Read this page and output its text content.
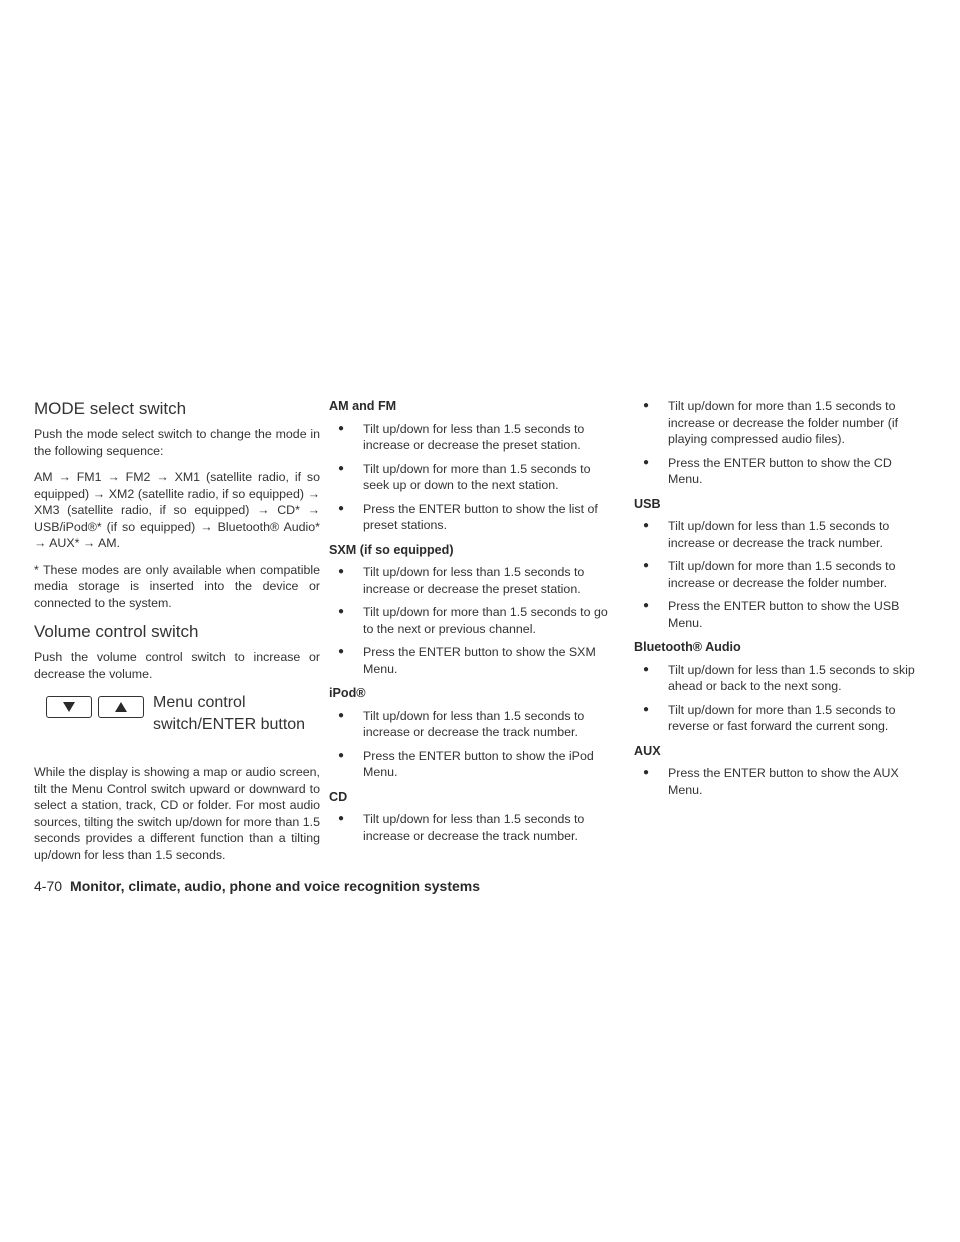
MODE select switch

Push the mode select switch to change the mode in the following sequence:

AM → FM1 → FM2 → XM1 (satellite radio, if so equipped) → XM2 (satellite radio, if so equipped) → XM3 (satellite radio, if so equipped) → CD* → USB/iPod®* (if so equipped) → Bluetooth® Audio* → AUX* → AM.

* These modes are only available when compatible media storage is inserted into the device or connected to the system.

Volume control switch

Push the volume control switch to increase or decrease the volume.

Menu control
switch/ENTER button

While the display is showing a map or audio screen, tilt the Menu Control switch upward or downward to select a station, track, CD or folder. For most audio sources, tilting the switch up/down for more than 1.5 seconds provides a different function than a tilting up/down for less than 1.5 seconds.

AM and FM
● Tilt up/down for less than 1.5 seconds to increase or decrease the preset station.
● Tilt up/down for more than 1.5 seconds to seek up or down to the next station.
● Press the ENTER button to show the list of preset stations.
SXM (if so equipped)
● Tilt up/down for less than 1.5 seconds to increase or decrease the preset station.
● Tilt up/down for more than 1.5 seconds to go to the next or previous channel.
● Press the ENTER button to show the SXM Menu.
iPod®
● Tilt up/down for less than 1.5 seconds to increase or decrease the track number.
● Press the ENTER button to show the iPod Menu.
CD
● Tilt up/down for less than 1.5 seconds to increase or decrease the track number.
● Tilt up/down for more than 1.5 seconds to increase or decrease the folder number (if playing compressed audio files).
● Press the ENTER button to show the CD Menu.
USB
● Tilt up/down for less than 1.5 seconds to increase or decrease the track number.
● Tilt up/down for more than 1.5 seconds to increase or decrease the folder number.
● Press the ENTER button to show the USB Menu.
Bluetooth® Audio
● Tilt up/down for less than 1.5 seconds to skip ahead or back to the next song.
● Tilt up/down for more than 1.5 seconds to reverse or fast forward the current song.
AUX
● Press the ENTER button to show the AUX Menu.
4-70 Monitor, climate, audio, phone and voice recognition systems
